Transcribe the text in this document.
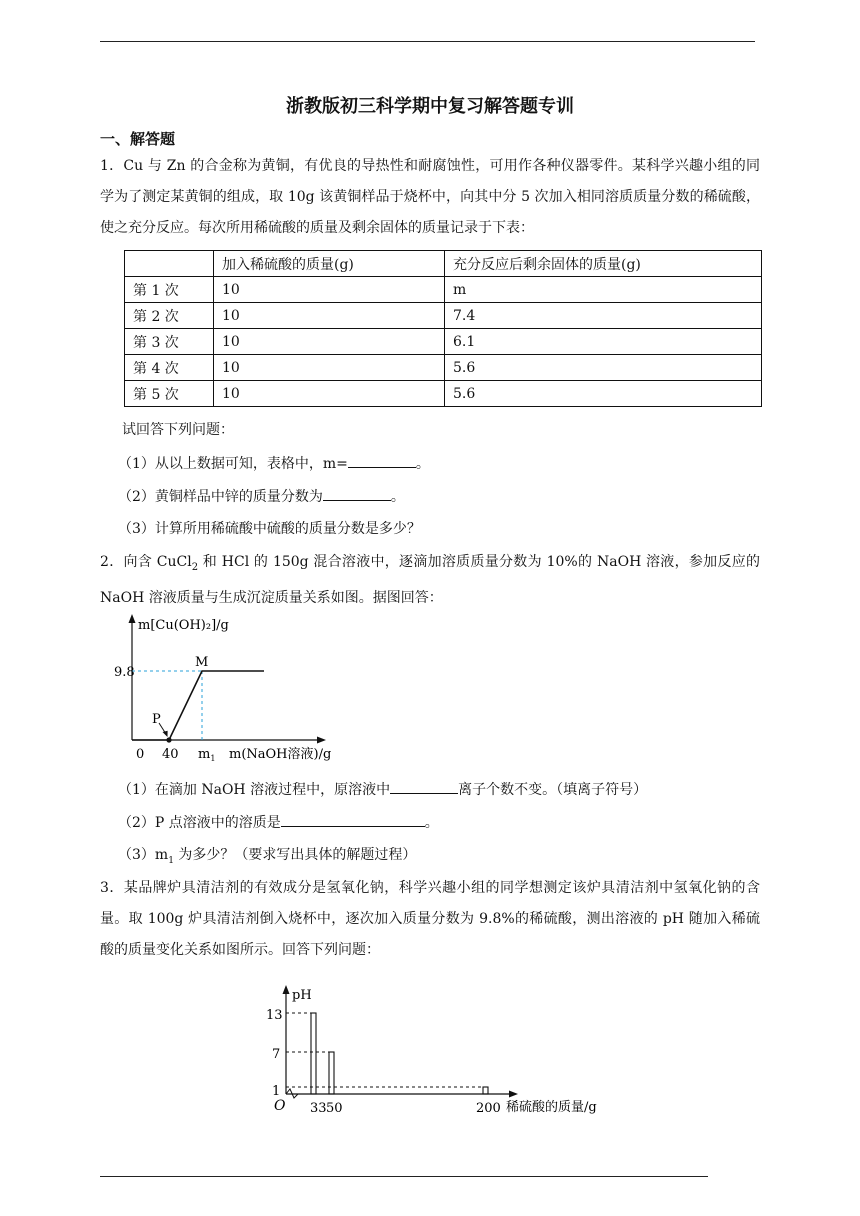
浙教版初三科学期中复习解答题专训
一、解答题

1．Cu 与 Zn 的合金称为黄铜，有优良的导热性和耐腐蚀性，可用作各种仪器零件。某科学兴趣小组的同学为了测定某黄铜的组成，取 10g 该黄铜样品于烧杯中，向其中分 5 次加入相同溶质质量分数的稀硫酸，使之充分反应。每次所用稀硫酸的质量及剩余固体的质量记录于下表：

	加入稀硫酸的质量(g)	充分反应后剩余固体的质量(g)
第 1 次	10	m
第 2 次	10	7.4
第 3 次	10	6.1
第 4 次	10	5.6
第 5 次	10	5.6
试回答下列问题：
（1）从以上数据可知，表格中，m=	。
（2）黄铜样品中锌的质量分数为	。
（3）计算所用稀硫酸中硫酸的质量分数是多少？

2．向含 CuCl$_2$ 和 HCl 的 150g 混合溶液中，逐滴加溶质质量分数为 10%的 NaOH 溶液，参加反应的 NaOH 溶液质量与生成沉淀质量关系如图。据图回答：

m[Cu(OH)₂]/g
9.8
M
P
0 40 $m_1$ m(NaOH溶液)/g
（1）在滴加 NaOH 溶液过程中，原溶液中	离子个数不变。（填离子符号）
（2）P 点溶液中的溶质是	。
$(3)m_1$ 为多少？（要求写出具体的解题过程）

3．某品牌炉具清洁剂的有效成分是氢氧化钠，科学兴趣小组的同学想测定该炉具清洁剂中氢氧化钠的含量。取 100g 炉具清洁剂倒入烧杯中，逐次加入质量分数为 9.8%的稀硫酸，测出溶液的 pH 随加入稀硫酸的质量变化关系如图所示。回答下列问题：

pH
13
7
1
O 33 50	200 稀硫酸的质量/g
